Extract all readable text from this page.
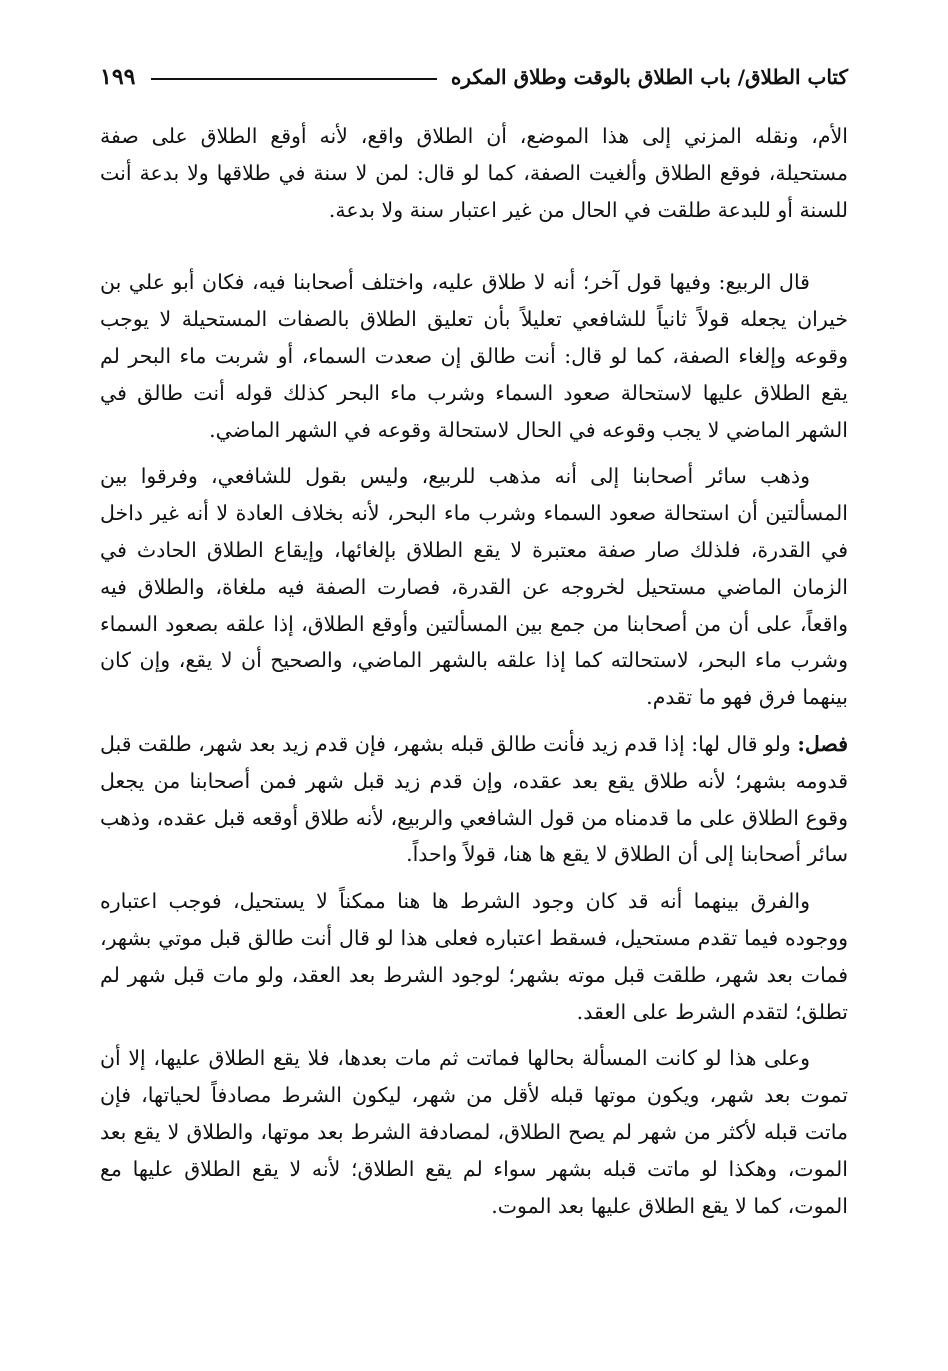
كتاب الطلاق/ باب الطلاق بالوقت وطلاق المكره
١٩٩

الأم، ونقله المزني إلى هذا الموضع، أن الطلاق واقع، لأنه أوقع الطلاق على صفة مستحيلة، فوقع الطلاق وألغيت الصفة، كما لو قال: لمن لا سنة في طلاقها ولا بدعة أنت للسنة أو للبدعة طلقت في الحال من غير اعتبار سنة ولا بدعة.

قال الربيع: وفيها قول آخر؛ أنه لا طلاق عليه، واختلف أصحابنا فيه، فكان أبو علي بن خيران يجعله قولاً ثانياً للشافعي تعليلاً بأن تعليق الطلاق بالصفات المستحيلة لا يوجب وقوعه وإلغاء الصفة، كما لو قال: أنت طالق إن صعدت السماء، أو شربت ماء البحر لم يقع الطلاق عليها لاستحالة صعود السماء وشرب ماء البحر كذلك قوله أنت طالق في الشهر الماضي لا يجب وقوعه في الحال لاستحالة وقوعه في الشهر الماضي.

وذهب سائر أصحابنا إلى أنه مذهب للربيع، وليس بقول للشافعي، وفرقوا بين المسألتين أن استحالة صعود السماء وشرب ماء البحر، لأنه بخلاف العادة لا أنه غير داخل في القدرة، فلذلك صار صفة معتبرة لا يقع الطلاق بإلغائها، وإيقاع الطلاق الحادث في الزمان الماضي مستحيل لخروجه عن القدرة، فصارت الصفة فيه ملغاة، والطلاق فيه واقعاً، على أن من أصحابنا من جمع بين المسألتين وأوقع الطلاق، إذا علقه بصعود السماء وشرب ماء البحر، لاستحالته كما إذا علقه بالشهر الماضي، والصحيح أن لا يقع، وإن كان بينهما فرق فهو ما تقدم.

فصل: ولو قال لها: إذا قدم زيد فأنت طالق قبله بشهر، فإن قدم زيد بعد شهر، طلقت قبل قدومه بشهر؛ لأنه طلاق يقع بعد عقده، وإن قدم زيد قبل شهر فمن أصحابنا من يجعل وقوع الطلاق على ما قدمناه من قول الشافعي والربيع، لأنه طلاق أوقعه قبل عقده، وذهب سائر أصحابنا إلى أن الطلاق لا يقع ها هنا، قولاً واحداً.

والفرق بينهما أنه قد كان وجود الشرط ها هنا ممكناً لا يستحيل، فوجب اعتباره ووجوده فيما تقدم مستحيل، فسقط اعتباره فعلى هذا لو قال أنت طالق قبل موتي بشهر، فمات بعد شهر، طلقت قبل موته بشهر؛ لوجود الشرط بعد العقد، ولو مات قبل شهر لم تطلق؛ لتقدم الشرط على العقد.

وعلى هذا لو كانت المسألة بحالها فماتت ثم مات بعدها، فلا يقع الطلاق عليها، إلا أن تموت بعد شهر، ويكون موتها قبله لأقل من شهر، ليكون الشرط مصادفاً لحياتها، فإن ماتت قبله لأكثر من شهر لم يصح الطلاق، لمصادفة الشرط بعد موتها، والطلاق لا يقع بعد الموت، وهكذا لو ماتت قبله بشهر سواء لم يقع الطلاق؛ لأنه لا يقع الطلاق عليها مع الموت، كما لا يقع الطلاق عليها بعد الموت.
